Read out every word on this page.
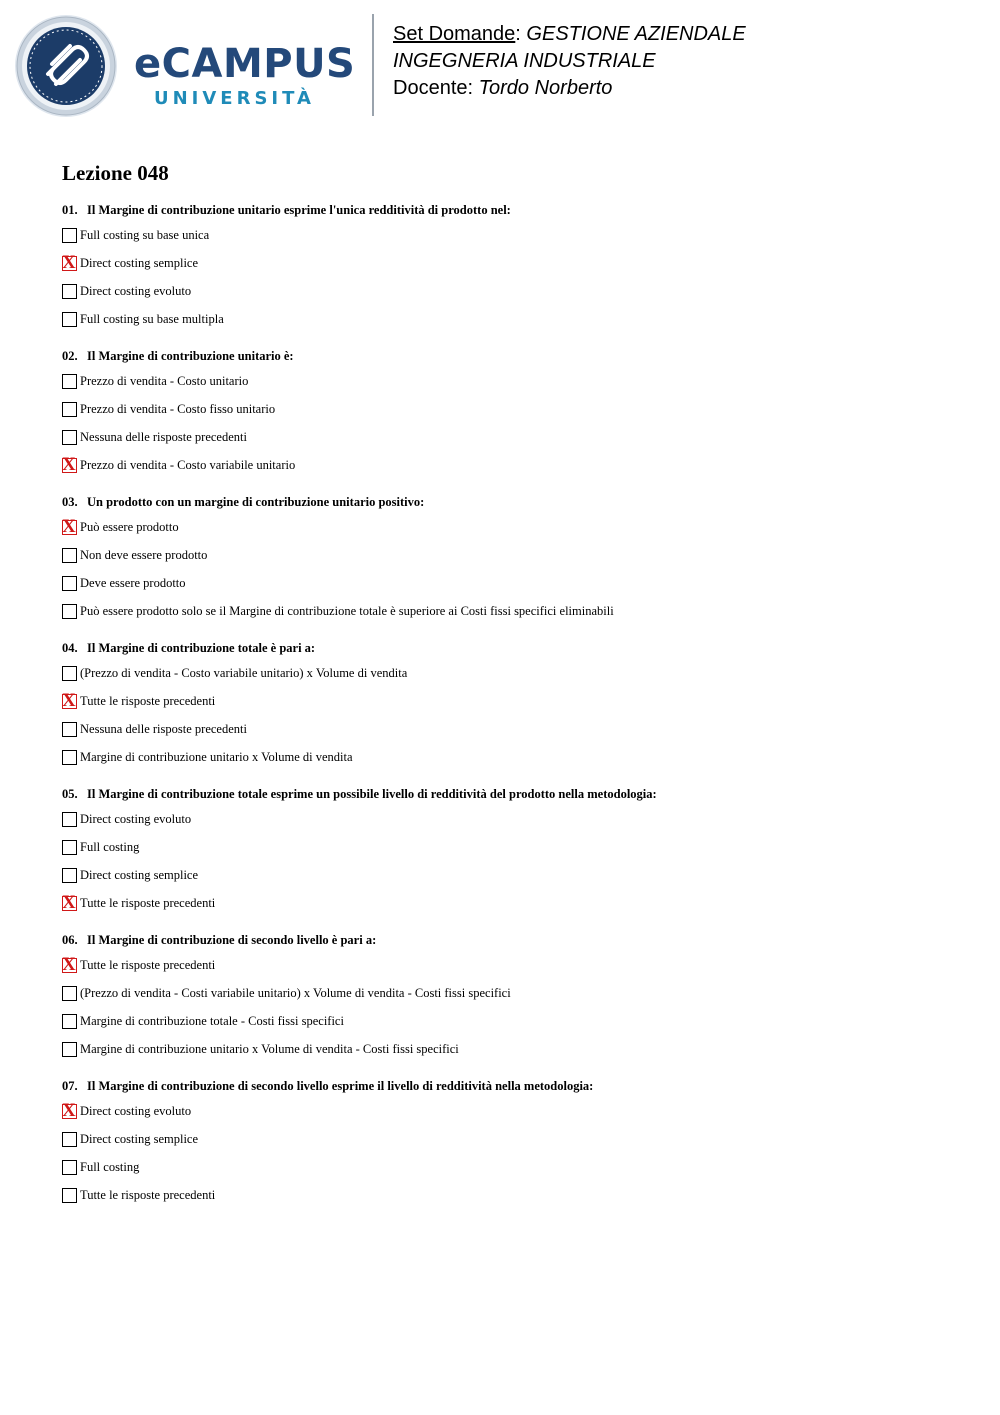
eCAMPUS
UNIVERSITÀ
Set Domande: GESTIONE AZIENDALE
INGEGNERIA INDUSTRIALE
Docente: Tordo Norberto
Lezione 048
01. Il Margine di contribuzione unitario esprime l'unica redditività di prodotto nel:
Full costing su base unica
X Direct costing semplice
Direct costing evoluto
Full costing su base multipla
02. Il Margine di contribuzione unitario è:
Prezzo di vendita - Costo unitario
Prezzo di vendita - Costo fisso unitario
Nessuna delle risposte precedenti
X Prezzo di vendita - Costo variabile unitario
03. Un prodotto con un margine di contribuzione unitario positivo:
X Può essere prodotto
Non deve essere prodotto
Deve essere prodotto
Può essere prodotto solo se il Margine di contribuzione totale è superiore ai Costi fissi specifici eliminabili
04. Il Margine di contribuzione totale è pari a:
(Prezzo di vendita - Costo variabile unitario) x Volume di vendita
X Tutte le risposte precedenti
Nessuna delle risposte precedenti
Margine di contribuzione unitario x Volume di vendita
05. Il Margine di contribuzione totale esprime un possibile livello di redditività del prodotto nella metodologia:
Direct costing evoluto
Full costing
Direct costing semplice
X Tutte le risposte precedenti
06. Il Margine di contribuzione di secondo livello è pari a:
X Tutte le risposte precedenti
(Prezzo di vendita - Costi variabile unitario) x Volume di vendita - Costi fissi specifici
Margine di contribuzione totale - Costi fissi specifici
Margine di contribuzione unitario x Volume di vendita - Costi fissi specifici
07. Il Margine di contribuzione di secondo livello esprime il livello di redditività nella metodologia:
X Direct costing evoluto
Direct costing semplice
Full costing
Tutte le risposte precedenti
